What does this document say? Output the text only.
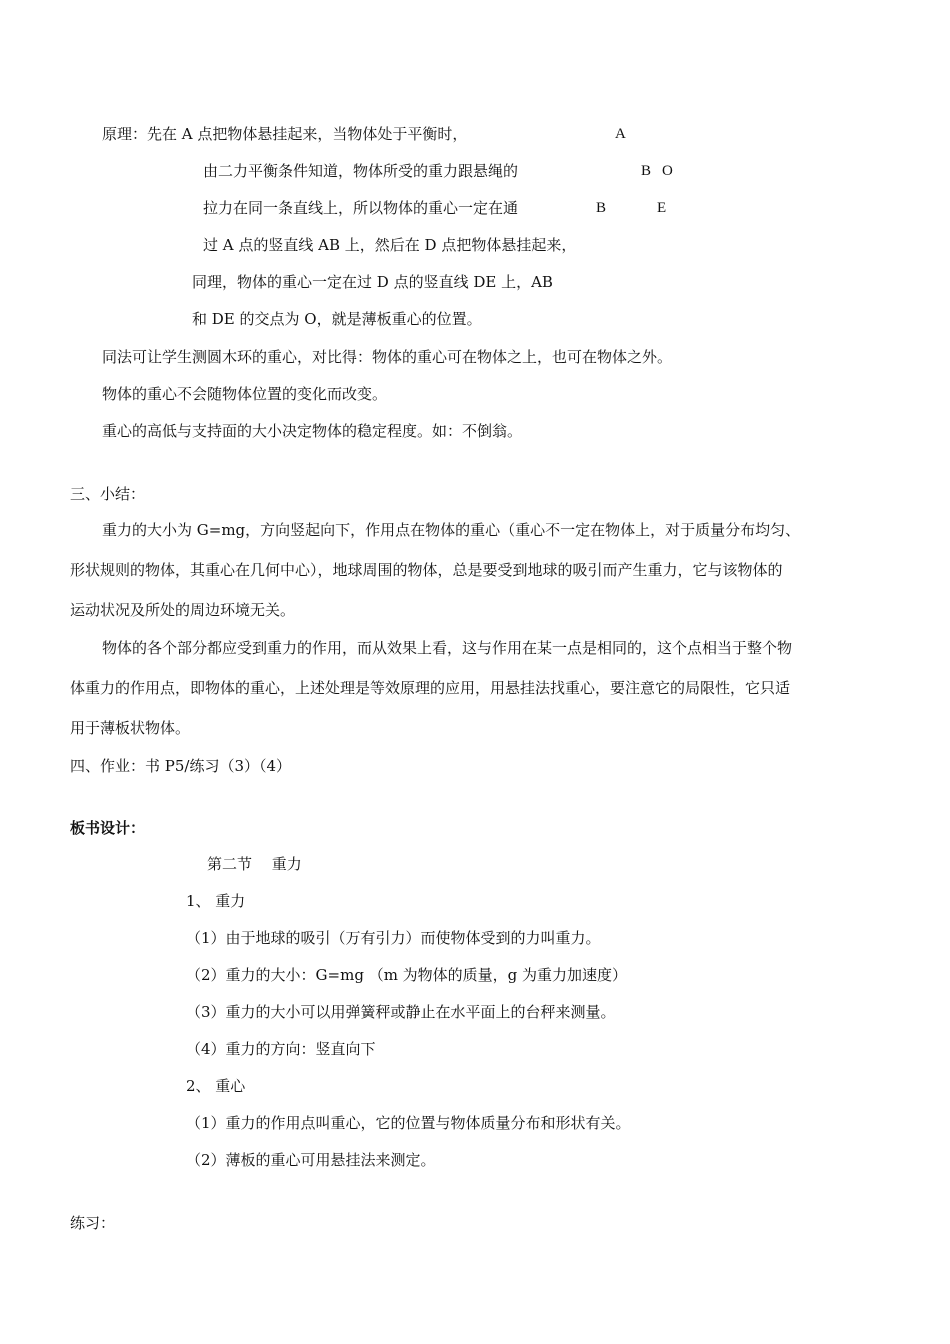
原理：先在 A 点把物体悬挂起来，当物体处于平衡时，
由二力平衡条件知道，物体所受的重力跟悬绳的
拉力在同一条直线上，所以物体的重心一定在通
过 A 点的竖直线 AB 上，然后在 D 点把物体悬挂起来，
同理，物体的重心一定在过 D 点的竖直线 DE 上，AB
和 DE 的交点为 O，就是薄板重心的位置。
A
B O
B	E
同法可让学生测圆木环的重心，对比得：物体的重心可在物体之上，也可在物体之外。
物体的重心不会随物体位置的变化而改变。
重心的高低与支持面的大小决定物体的稳定程度。如：不倒翁。
三、小结：
重力的大小为 G=mg，方向竖起向下，作用点在物体的重心（重心不一定在物体上，对于质量分布均匀、
形状规则的物体，其重心在几何中心），地球周围的物体，总是要受到地球的吸引而产生重力，它与该物体的
运动状况及所处的周边环境无关。
物体的各个部分都应受到重力的作用，而从效果上看，这与作用在某一点是相同的，这个点相当于整个物
体重力的作用点，即物体的重心，上述处理是等效原理的应用，用悬挂法找重心，要注意它的局限性，它只适
用于薄板状物体。
四、作业：书 P5/练习（3）（4）
板书设计：
第二节　 重力
1、 重力
（1）由于地球的吸引（万有引力）而使物体受到的力叫重力。
（2）重力的大小：G=mg （m 为物体的质量，g 为重力加速度）
（3）重力的大小可以用弹簧秤或静止在水平面上的台秤来测量。
（4）重力的方向：竖直向下
2、 重心
（1）重力的作用点叫重心，它的位置与物体质量分布和形状有关。
（2）薄板的重心可用悬挂法来测定。
练习：
